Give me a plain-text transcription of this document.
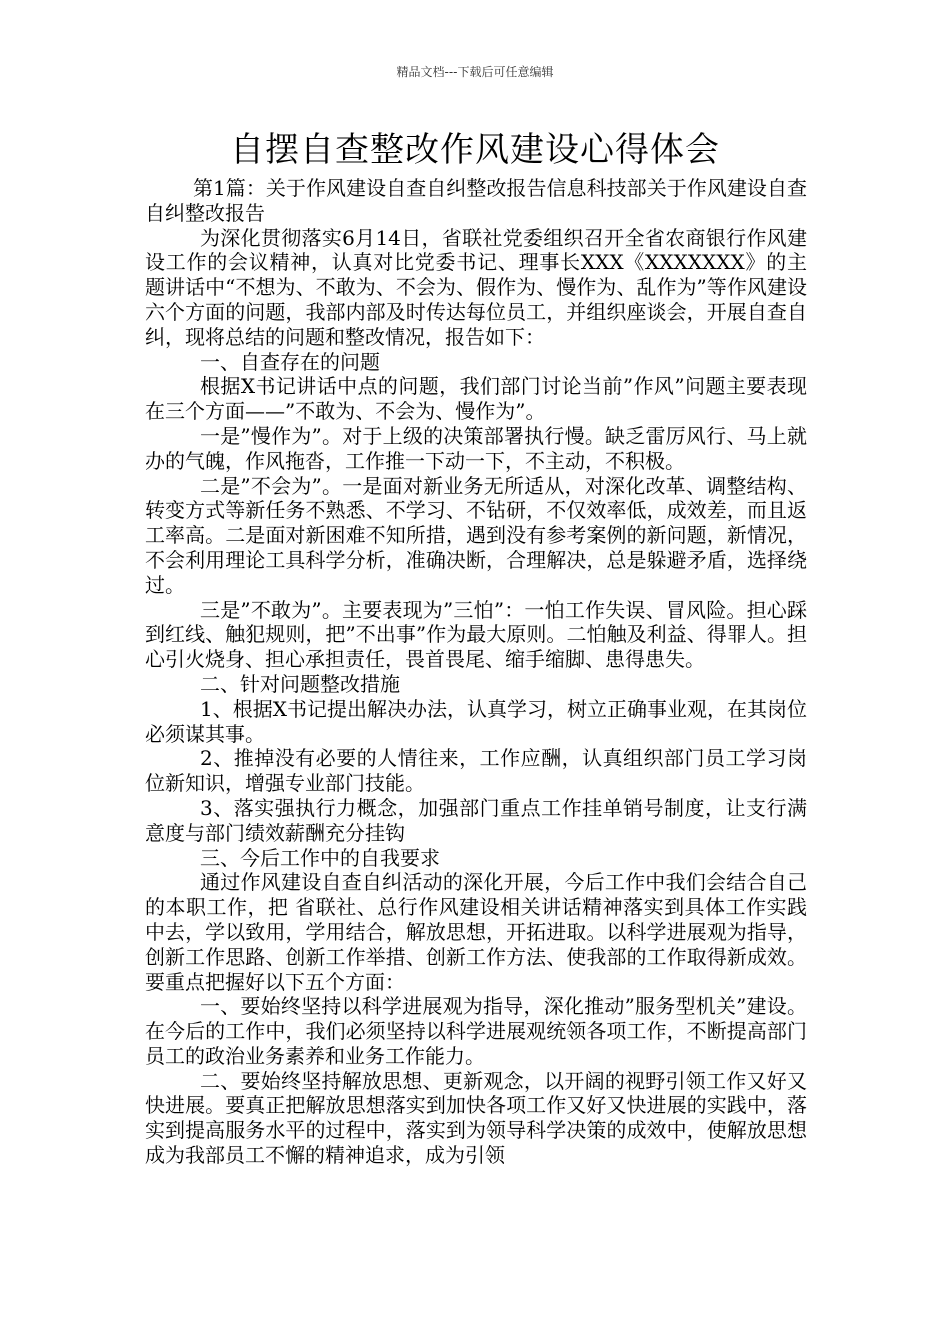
精品文档---下载后可任意编辑
自摆自查整改作风建设心得体会

第1篇：关于作风建设自查自纠整改报告信息科技部关于作风建设自查自纠整改报告

为深化贯彻落实6月14日，省联社党委组织召开全省农商银行作风建设工作的会议精神，认真对比党委书记、理事长XXX《XXXXXXX》的主题讲话中“不想为、不敢为、不会为、假作为、慢作为、乱作为”等作风建设六个方面的问题，我部内部及时传达每位员工，并组织座谈会，开展自查自纠，现将总结的问题和整改情况，报告如下：

一、自查存在的问题

根据X书记讲话中点的问题，我们部门讨论当前”作风”问题主要表现在三个方面——”不敢为、不会为、慢作为”。

一是”慢作为”。对于上级的决策部署执行慢。缺乏雷厉风行、马上就办的气魄，作风拖沓，工作推一下动一下，不主动，不积极。

二是”不会为”。一是面对新业务无所适从，对深化改革、调整结构、转变方式等新任务不熟悉、不学习、不钻研，不仅效率低，成效差，而且返工率高。二是面对新困难不知所措，遇到没有参考案例的新问题，新情况，不会利用理论工具科学分析，准确决断，合理解决，总是躲避矛盾，选择绕过。

三是”不敢为”。主要表现为”三怕”：一怕工作失误、冒风险。担心踩到红线、触犯规则，把”不出事”作为最大原则。二怕触及利益、得罪人。担心引火烧身、担心承担责任，畏首畏尾、缩手缩脚、患得患失。

二、针对问题整改措施

1、根据X书记提出解决办法，认真学习，树立正确事业观，在其岗位必须谋其事。

2、推掉没有必要的人情往来，工作应酬，认真组织部门员工学习岗位新知识，增强专业部门技能。

3、落实强执行力概念，加强部门重点工作挂单销号制度，让支行满意度与部门绩效薪酬充分挂钩

三、今后工作中的自我要求

通过作风建设自查自纠活动的深化开展，今后工作中我们会结合自己的本职工作，把 省联社、总行作风建设相关讲话精神落实到具体工作实践中去，学以致用，学用结合，解放思想，开拓进取。以科学进展观为指导，创新工作思路、创新工作举措、创新工作方法、使我部的工作取得新成效。要重点把握好以下五个方面：

一、要始终坚持以科学进展观为指导，深化推动”服务型机关”建设。在今后的工作中，我们必须坚持以科学进展观统领各项工作，不断提高部门员工的政治业务素养和业务工作能力。

二、要始终坚持解放思想、更新观念，以开阔的视野引领工作又好又快进展。要真正把解放思想落实到加快各项工作又好又快进展的实践中，落实到提高服务水平的过程中，落实到为领导科学决策的成效中，使解放思想成为我部员工不懈的精神追求，成为引领
